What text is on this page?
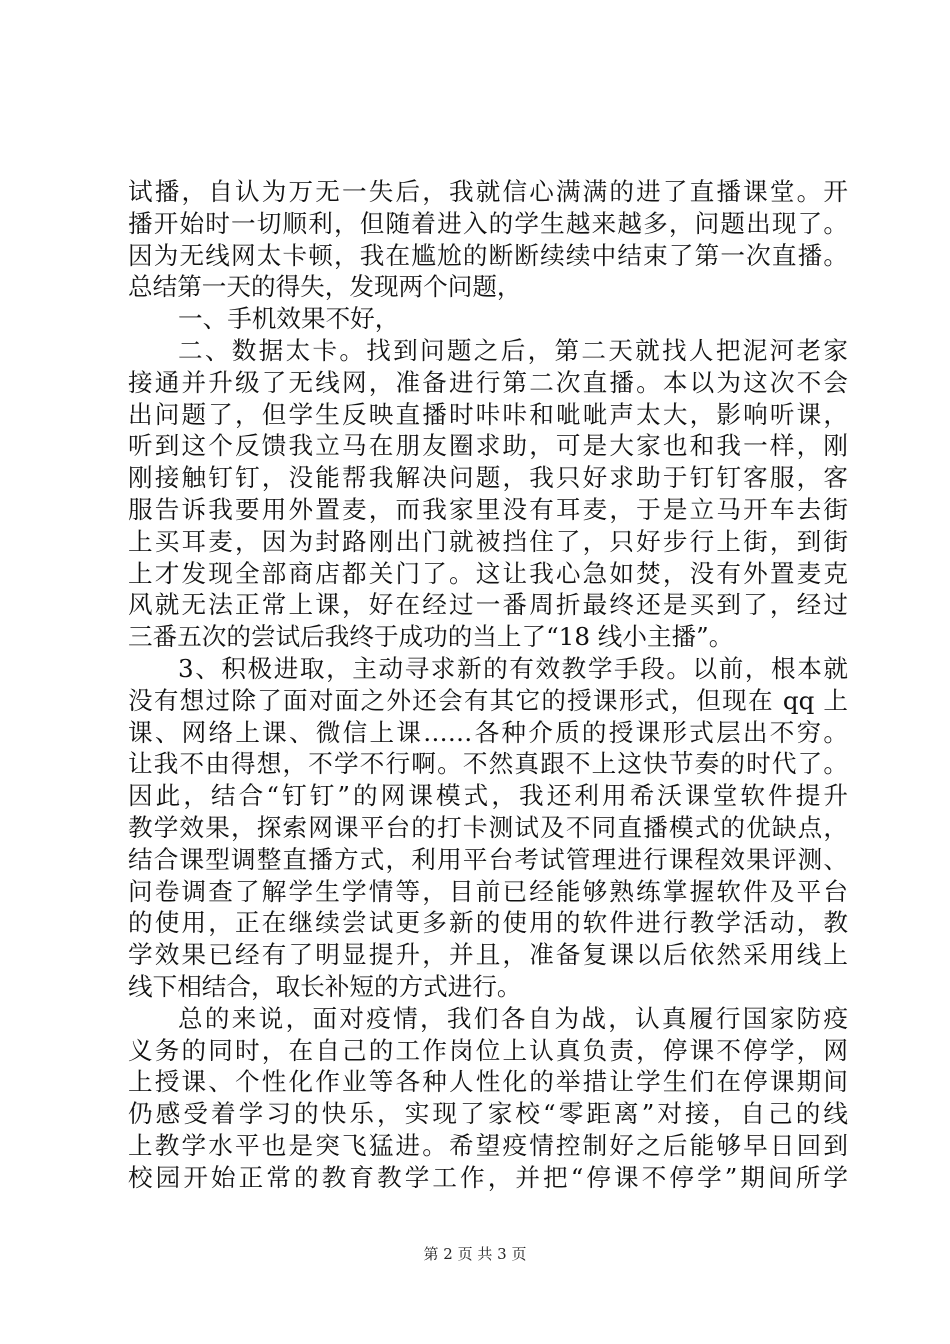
试播，自认为万无一失后，我就信心满满的进了直播课堂。开
播开始时一切顺利，但随着进入的学生越来越多，问题出现了。
因为无线网太卡顿，我在尴尬的断断续续中结束了第一次直播。
总结第一天的得失，发现两个问题，
一、手机效果不好，
二、数据太卡。找到问题之后，第二天就找人把泥河老家
接通并升级了无线网，准备进行第二次直播。本以为这次不会
出问题了，但学生反映直播时咔咔和呲呲声太大，影响听课，
听到这个反馈我立马在朋友圈求助，可是大家也和我一样，刚
刚接触钉钉，没能帮我解决问题，我只好求助于钉钉客服，客
服告诉我要用外置麦，而我家里没有耳麦，于是立马开车去街
上买耳麦，因为封路刚出门就被挡住了，只好步行上街，到街
上才发现全部商店都关门了。这让我心急如焚，没有外置麦克
风就无法正常上课，好在经过一番周折最终还是买到了，经过
三番五次的尝试后我终于成功的当上了“18 线小主播”。
3、积极进取，主动寻求新的有效教学手段。以前，根本就
没有想过除了面对面之外还会有其它的授课形式，但现在 qq 上
课、网络上课、微信上课……各种介质的授课形式层出不穷。
让我不由得想，不学不行啊。不然真跟不上这快节奏的时代了。
因此，结合“钉钉”的网课模式，我还利用希沃课堂软件提升
教学效果，探索网课平台的打卡测试及不同直播模式的优缺点，
结合课型调整直播方式，利用平台考试管理进行课程效果评测、
问卷调查了解学生学情等，目前已经能够熟练掌握软件及平台
的使用，正在继续尝试更多新的使用的软件进行教学活动，教
学效果已经有了明显提升，并且，准备复课以后依然采用线上
线下相结合，取长补短的方式进行。
总的来说，面对疫情，我们各自为战，认真履行国家防疫
义务的同时，在自己的工作岗位上认真负责，停课不停学，网
上授课、个性化作业等各种人性化的举措让学生们在停课期间
仍感受着学习的快乐，实现了家校“零距离”对接，自己的线
上教学水平也是突飞猛进。希望疫情控制好之后能够早日回到
校园开始正常的教育教学工作，并把“停课不停学”期间所学
第 2 页 共 3 页
